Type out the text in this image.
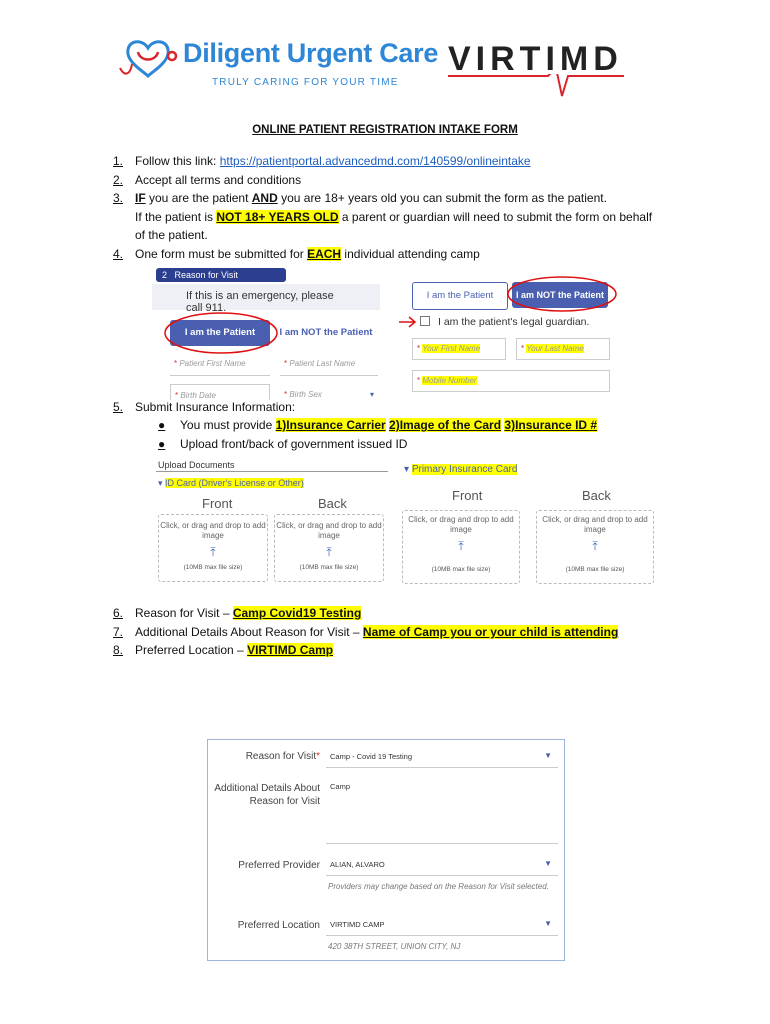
Diligent Urgent Care
TRULY CARING FOR YOUR TIME
VIRTIMD
ONLINE PATIENT REGISTRATION INTAKE FORM
1. Follow this link: https://patientportal.advancedmd.com/140599/onlineintake
2. Accept all terms and conditions
3. IF you are the patient AND you are 18+ years old you can submit the form as the patient.
If the patient is NOT 18+ YEARS OLD a parent or guardian will need to submit the form on behalf
of the patient.
4. One form must be submitted for EACH individual attending camp
2 Reason for Visit
If this is an emergency, please call 911.
I am the Patient	I am NOT the Patient
* Patient First Name	* Patient Last Name
* Birth Date	* Birth Sex	▾
I am the Patient	I am NOT the Patient
I am the patient's legal guardian.
* Your First Name	* Your Last Name
* Mobile Number
5. Submit Insurance Information:
● You must provide 1)Insurance Carrier 2)Image of the Card 3)Insurance ID #
● Upload front/back of government issued ID
Upload Documents
▾ ID Card (Driver's License or Other)
Front	Back
Click, or drag and drop to add image
⤒
(10MB max file size)
Click, or drag and drop to add image
⤒
(10MB max file size)
▾ Primary Insurance Card
Front	Back
Click, or drag and drop to add image
⤒
(10MB max file size)
Click, or drag and drop to add image
⤒
(10MB max file size)
6. Reason for Visit – Camp Covid19 Testing
7. Additional Details About Reason for Visit – Name of Camp you or your child is attending
8. Preferred Location – VIRTIMD Camp
Reason for Visit*	Camp - Covid 19 Testing	▼
Additional Details About Reason for Visit
Camp
Preferred Provider	ALIAN, ALVARO	▼
Providers may change based on the Reason for Visit selected.
Preferred Location	VIRTIMD CAMP	▼
420 38TH STREET, UNION CITY, NJ
